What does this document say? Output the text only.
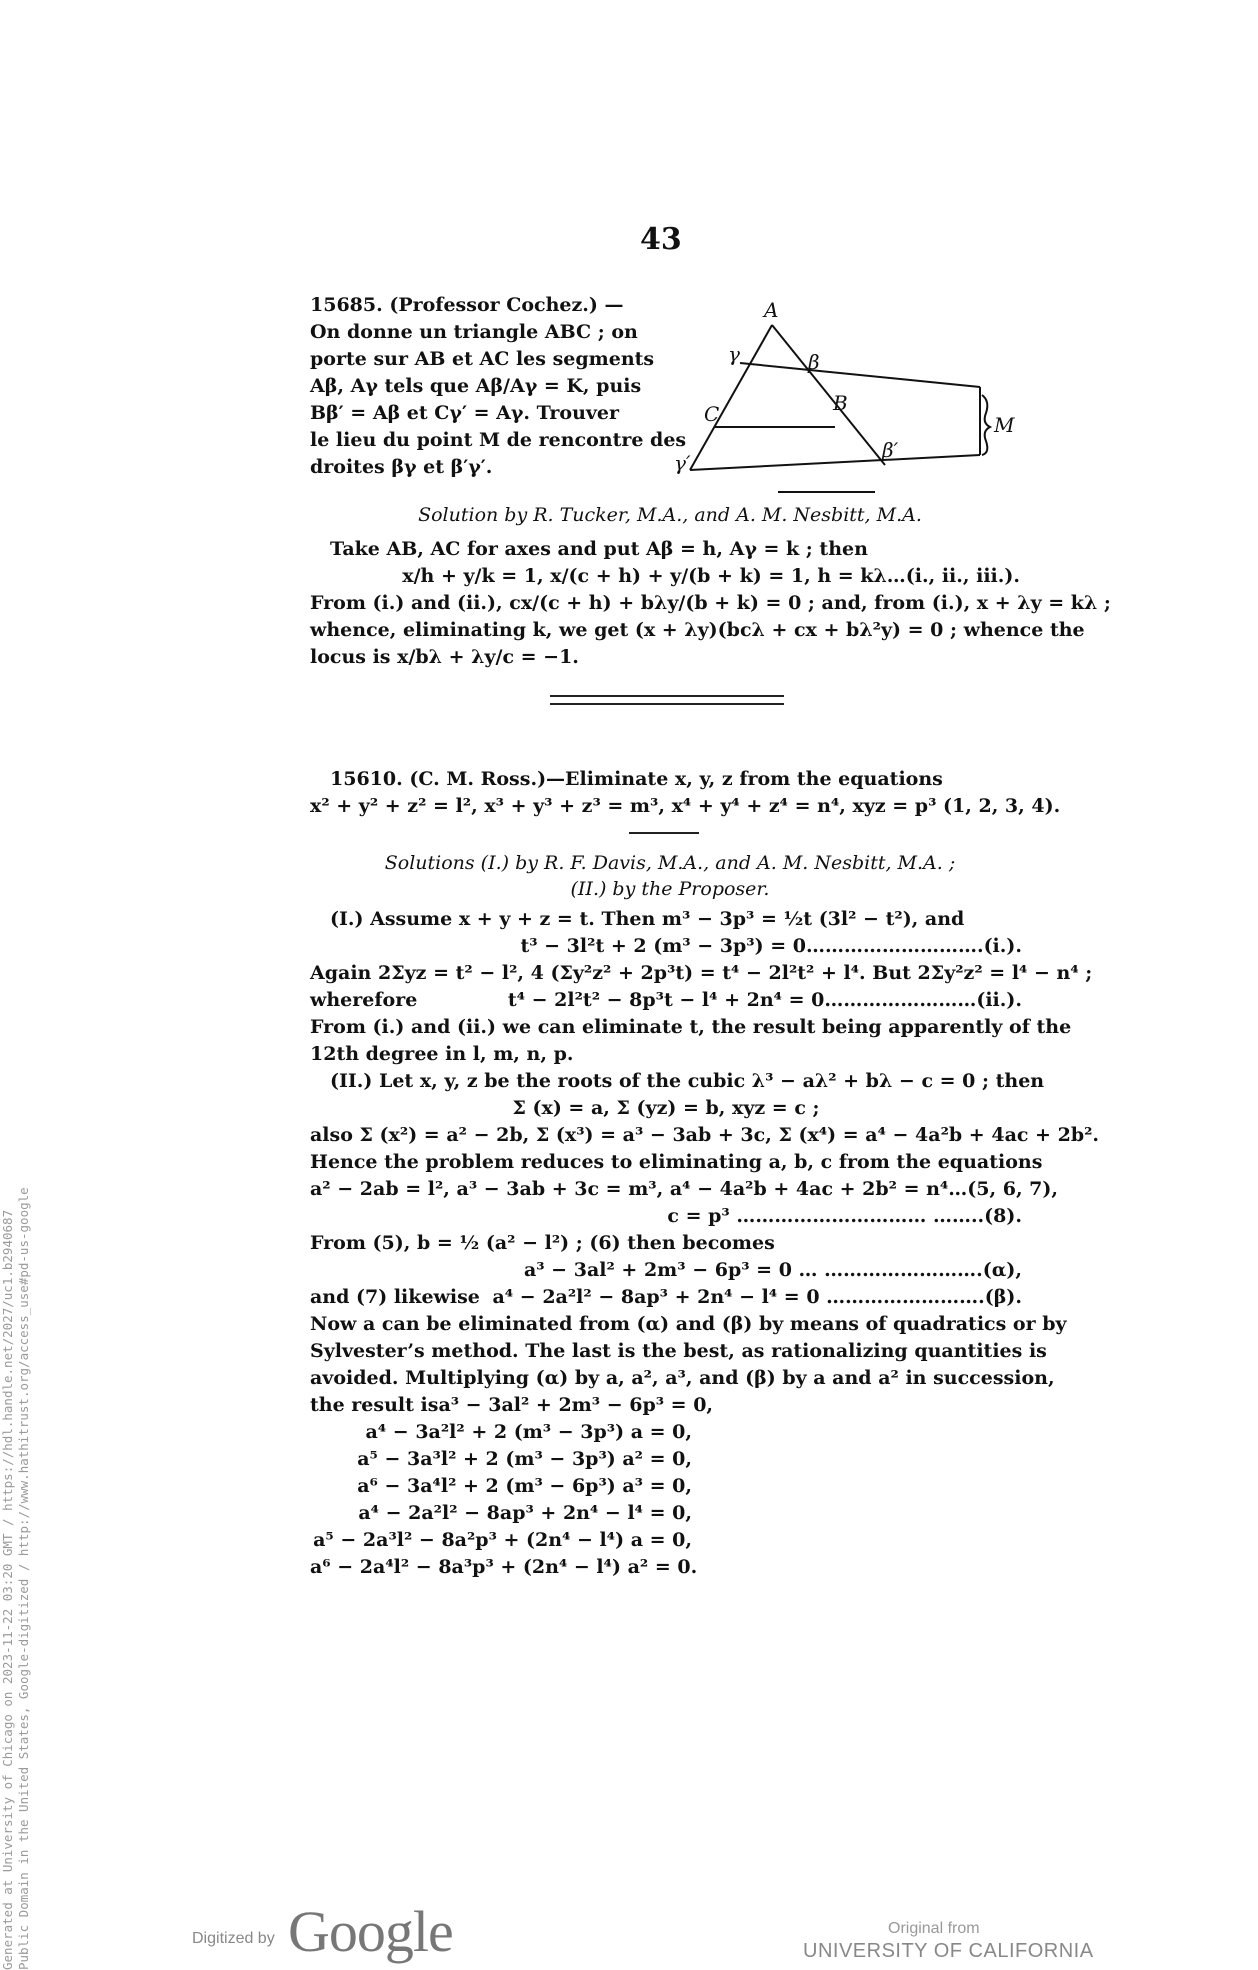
Generated at University of Chicago on 2023-11-22 03:20 GMT / https://hdl.handle.net/2027/uc1.b2940687 Public Domain in the United States, Google-digitized / http://www.hathitrust.org/access_use#pd-us-google
43
15685. (Professor Cochez.) —
On donne un triangle ABC ; on
porte sur AB et AC les segments
Aβ, Aγ tels que Aβ/Aγ = K, puis
Bβ′ = Aβ et Cγ′ = Aγ. Trouver
le lieu du point M de rencontre des
droites βγ et β′γ′.
A
γ	β
C	B
M
γ′
β′
Solution by R. Tucker, M.A., and A. M. Nesbitt, M.A.
Take AB, AC for axes and put Aβ = h, Aγ = k ; then
x/h + y/k = 1, x/(c + h) + y/(b + k) = 1, h = kλ…(i., ii., iii.).
From (i.) and (ii.), cx/(c + h) + bλy/(b + k) = 0 ; and, from (i.), x + λy = kλ ;
whence, eliminating k, we get (x + λy)(bcλ + cx + bλ²y) = 0 ; whence the
locus is x/bλ + λy/c = −1.
15610. (C. M. Ross.)—Eliminate x, y, z from the equations
x² + y² + z² = l², x³ + y³ + z³ = m³, x⁴ + y⁴ + z⁴ = n⁴, xyz = p³ (1, 2, 3, 4).
Solutions (I.) by R. F. Davis, M.A., and A. M. Nesbitt, M.A. ;
(II.) by the Proposer.
(I.) Assume x + y + z = t. Then m³ − 3p³ = ½t (3l² − t²), and
t³ − 3l²t + 2 (m³ − 3p³) = 0……………………….(i.).
Again 2Σyz = t² − l², 4 (Σy²z² + 2p³t) = t⁴ − 2l²t² + l⁴. But 2Σy²z² = l⁴ − n⁴ ;
wherefore	t⁴ − 2l²t² − 8p³t − l⁴ + 2n⁴ = 0……………………(ii.).
From (i.) and (ii.) we can eliminate t, the result being apparently of the
12th degree in l, m, n, p.
(II.) Let x, y, z be the roots of the cubic λ³ − aλ² + bλ − c = 0 ; then
Σ (x) = a, Σ (yz) = b, xyz = c ;
also Σ (x²) = a² − 2b, Σ (x³) = a³ − 3ab + 3c, Σ (x⁴) = a⁴ − 4a²b + 4ac + 2b².
Hence the problem reduces to eliminating a, b, c from the equations
a² − 2ab = l², a³ − 3ab + 3c = m³, a⁴ − 4a²b + 4ac + 2b² = n⁴…(5, 6, 7),
c = p³ ………………………… ……..(8).
From (5), b = ½ (a² − l²) ; (6) then becomes
a³ − 3al² + 2m³ − 6p³ = 0 … …………………….(α),
and (7) likewise a⁴ − 2a²l² − 8ap³ + 2n⁴ − l⁴ = 0 …………………….(β).
Now a can be eliminated from (α) and (β) by means of quadratics or by
Sylvester’s method. The last is the best, as rationalizing quantities is
avoided. Multiplying (α) by a, a², a³, and (β) by a and a² in succession,
the result is a³ − 3al² + 2m³ − 6p³ = 0,
a⁴ − 3a²l² + 2 (m³ − 3p³) a = 0,
a⁵ − 3a³l² + 2 (m³ − 3p³) a² = 0,
a⁶ − 3a⁴l² + 2 (m³ − 6p³) a³ = 0,
a⁴ − 2a²l² − 8ap³ + 2n⁴ − l⁴ = 0,
a⁵ − 2a³l² − 8a²p³ + (2n⁴ − l⁴) a = 0,
a⁶ − 2a⁴l² − 8a³p³ + (2n⁴ − l⁴) a² = 0.
Digitized by Google	Original from
UNIVERSITY OF CALIFORNIA
